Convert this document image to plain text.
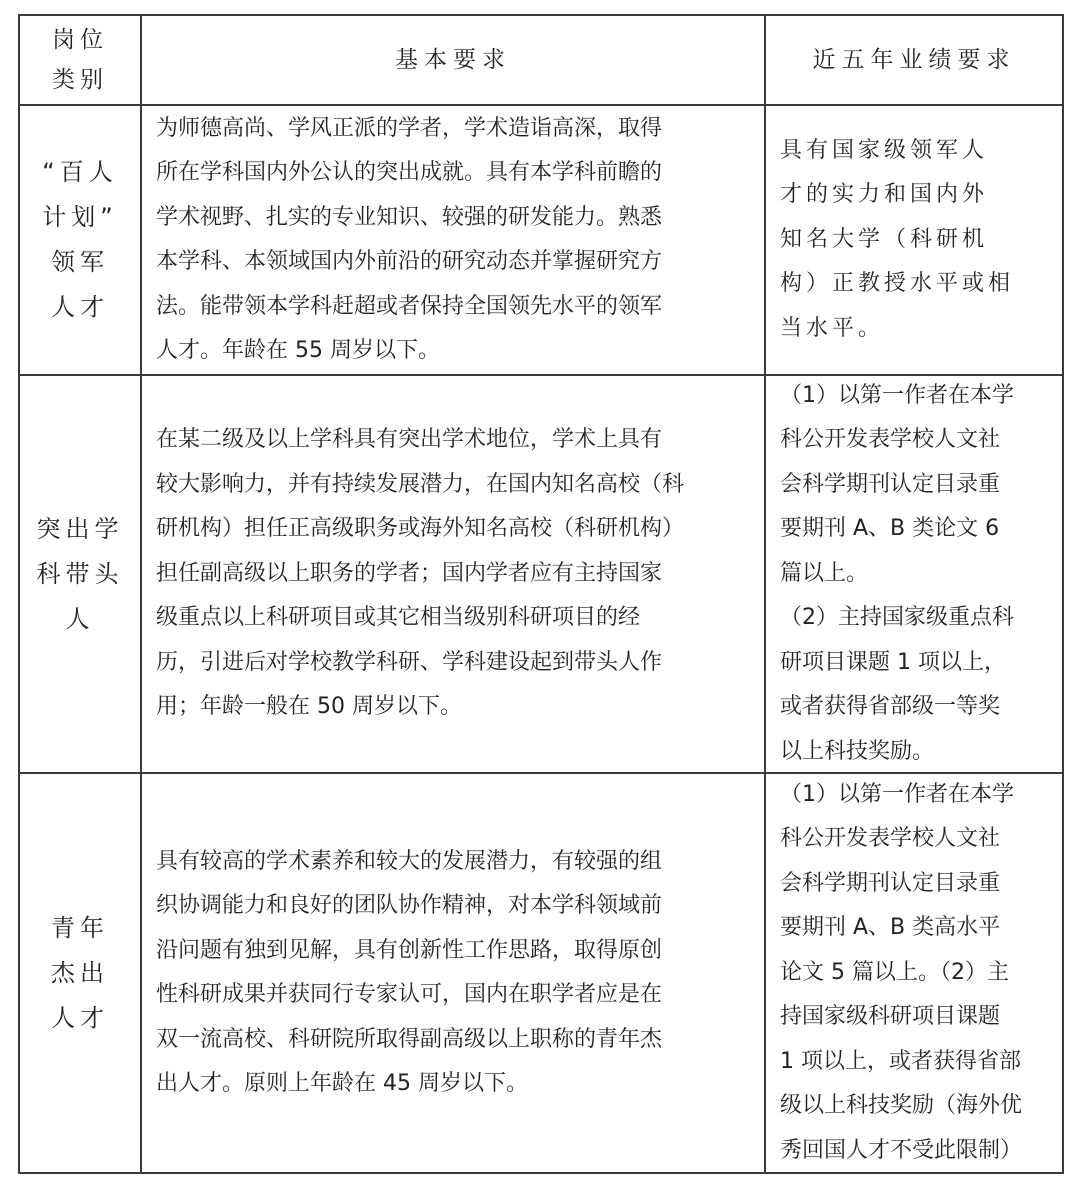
岗位
类别
基本要求	近五年业绩要求
“百人
计划”
领军
人才
为师德高尚、学风正派的学者，学术造诣高深，取得
所在学科国内外公认的突出成就。具有本学科前瞻的
学术视野、扎实的专业知识、较强的研发能力。熟悉
本学科、本领域国内外前沿的研究动态并掌握研究方
法。能带领本学科赶超或者保持全国领先水平的领军
人才。年龄在 55 周岁以下。
具有国家级领军人
才的实力和国内外
知名大学（科研机
构）正教授水平或相
当水平。
突出学
科带头
人
在某二级及以上学科具有突出学术地位，学术上具有
较大影响力，并有持续发展潜力，在国内知名高校（科
研机构）担任正高级职务或海外知名高校（科研机构）
担任副高级以上职务的学者；国内学者应有主持国家
级重点以上科研项目或其它相当级别科研项目的经
历，引进后对学校教学科研、学科建设起到带头人作
用；年龄一般在 50 周岁以下。
（1）以第一作者在本学
科公开发表学校人文社
会科学期刊认定目录重
要期刊 A、B 类论文 6
篇以上。
（2）主持国家级重点科
研项目课题 1 项以上，
或者获得省部级一等奖
以上科技奖励。
青年
杰出
人才
具有较高的学术素养和较大的发展潜力，有较强的组
织协调能力和良好的团队协作精神，对本学科领域前
沿问题有独到见解，具有创新性工作思路，取得原创
性科研成果并获同行专家认可，国内在职学者应是在
双一流高校、科研院所取得副高级以上职称的青年杰
出人才。原则上年龄在 45 周岁以下。
（1）以第一作者在本学
科公开发表学校人文社
会科学期刊认定目录重
要期刊 A、B 类高水平
论文 5 篇以上。（2）主
持国家级科研项目课题
1 项以上，或者获得省部
级以上科技奖励（海外优
秀回国人才不受此限制）
